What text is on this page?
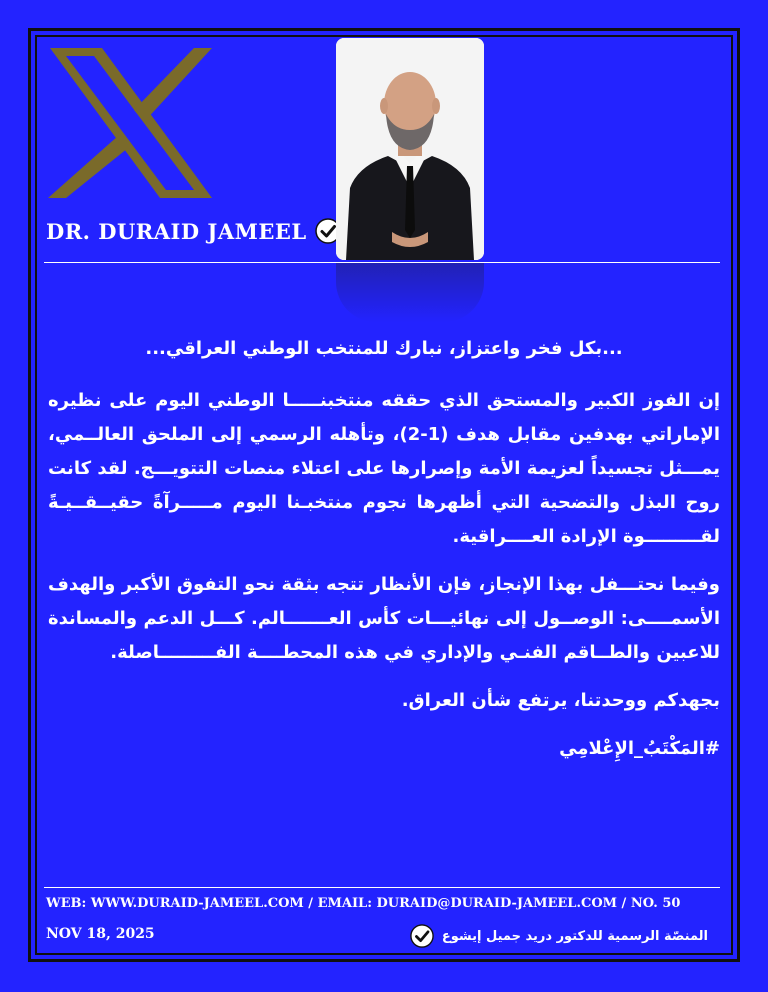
DR. DURAID JAMEEL

...بكل فخر واعتزاز، نبارك للمنتخب الوطني العراقي...

إن الفوز الكبير والمستحق الذي حققه منتخبنـــــا الوطني اليوم على نظيره الإماراتي بهدفين مقابل هدف (1-2)، وتأهله الرسمي إلى الملحق العالــمي، يمـــثل تجسيداً لعزيمة الأمة وإصرارها على اعتلاء منصات التتويـــج. لقد كانت روح البذل والتضحية التي أظهرها نجوم منتخبـنا اليوم مـــــرآةً حقيــقــيـةً لقـــــــــوة الإرادة العــــراقية.

وفيما نحتـــفل بهذا الإنجاز، فإن الأنظار تتجه بثقة نحو التفوق الأكبر والهدف الأسمــــى: الوصــول إلى نهائيـــات كأس العـــــــالم. كـــل الدعم والمساندة للاعبين والطــاقم الفنـي والإداري في هذه المحطــــة الفـــــــــاصلة.

بجهدكم ووحدتنا، يرتفع شأن العراق.

#المَكْتَبُ_الإِعْلامِي

WEB: WWW.DURAID-JAMEEL.COM / EMAIL: DURAID@DURAID-JAMEEL.COM / NO. 50
NOV 18, 2025	المنصّة الرسمية للدكتور دريد جميل إيشوع
